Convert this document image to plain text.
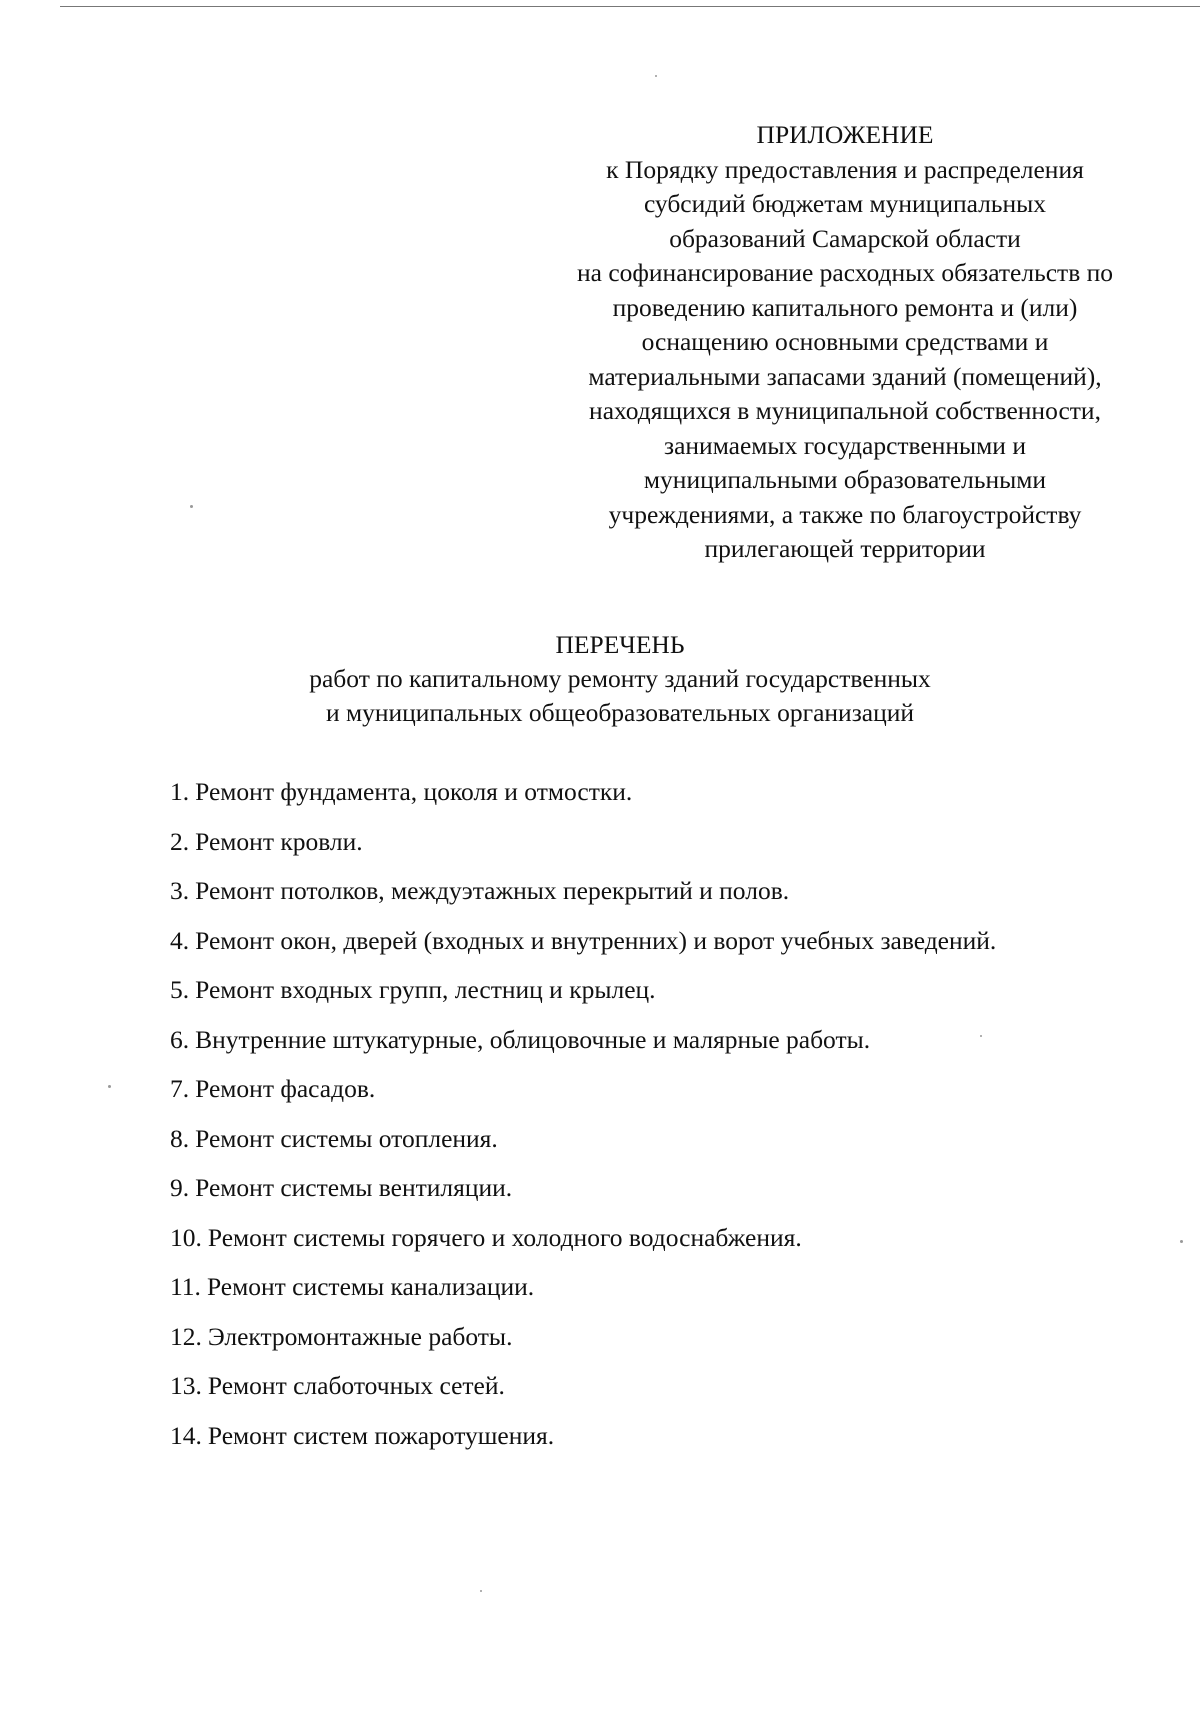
ПРИЛОЖЕНИЕ
к Порядку предоставления и распределения
субсидий бюджетам муниципальных
образований Самарской области
на софинансирование расходных обязательств по
проведению капитального ремонта и (или)
оснащению основными средствами и
материальными запасами зданий (помещений),
находящихся в муниципальной собственности,
занимаемых государственными и
муниципальными образовательными
учреждениями, а также по благоустройству
прилегающей территории
ПЕРЕЧЕНЬ
работ по капитальному ремонту зданий государственных
и муниципальных общеобразовательных организаций
1. Ремонт фундамента, цоколя и отмостки.
2. Ремонт кровли.
3. Ремонт потолков, междуэтажных перекрытий и полов.
4. Ремонт окон, дверей (входных и внутренних) и ворот учебных заведений.
5. Ремонт входных групп, лестниц и крылец.
6. Внутренние штукатурные, облицовочные и малярные работы.
7. Ремонт фасадов.
8. Ремонт системы отопления.
9. Ремонт системы вентиляции.
10. Ремонт системы горячего и холодного водоснабжения.
11. Ремонт системы канализации.
12. Электромонтажные работы.
13. Ремонт слаботочных сетей.
14. Ремонт систем пожаротушения.
